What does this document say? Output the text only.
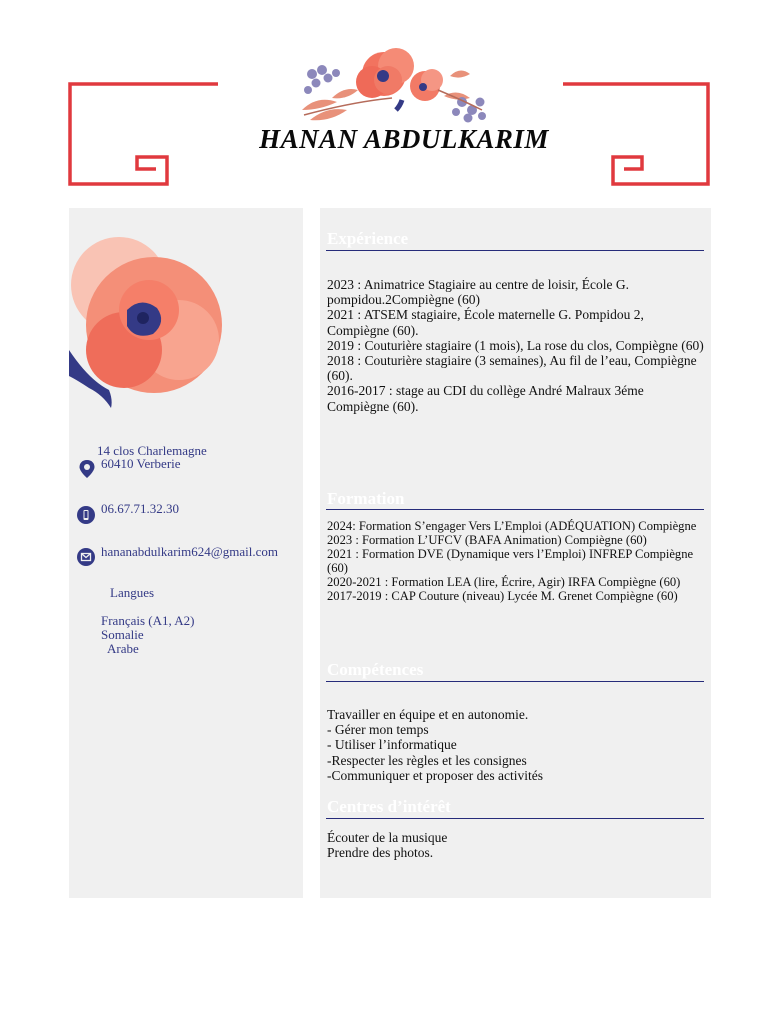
HANAN ABDULKARIM
14 clos Charlemagne
60410 Verberie
06.67.71.32.30
hananabdulkarim624@gmail.com
Langues
Français (A1, A2)
Somalie
Arabe
Expérience
2023 : Animatrice Stagiaire au centre de loisir, École G. pompidou.2Compiègne (60)
2021 : ATSEM stagiaire, École maternelle G. Pompidou 2, Compiègne (60).
2019 : Couturière stagiaire (1 mois), La rose du clos, Compiègne (60)
2018 : Couturière stagiaire (3 semaines), Au fil de l’eau, Compiègne (60).
2016-2017 : stage au CDI du collège André Malraux 3éme Compiègne (60).
Formation
2024: Formation S’engager Vers L’Emploi (ADÉQUATION) Compiègne
2023 : Formation L’UFCV (BAFA Animation) Compiègne (60)
2021 : Formation DVE (Dynamique vers l’Emploi) INFREP Compiègne (60)
2020-2021 : Formation LEA (lire, Écrire, Agir) IRFA Compiègne (60)
2017-2019 : CAP Couture (niveau) Lycée M. Grenet Compiègne (60)
Compétences
Travailler en équipe et en autonomie.
- Gérer mon temps
- Utiliser l’informatique
-Respecter les règles et les consignes
-Communiquer et proposer des activités
Centres d’intérêt
Écouter de la musique
Prendre des photos.
